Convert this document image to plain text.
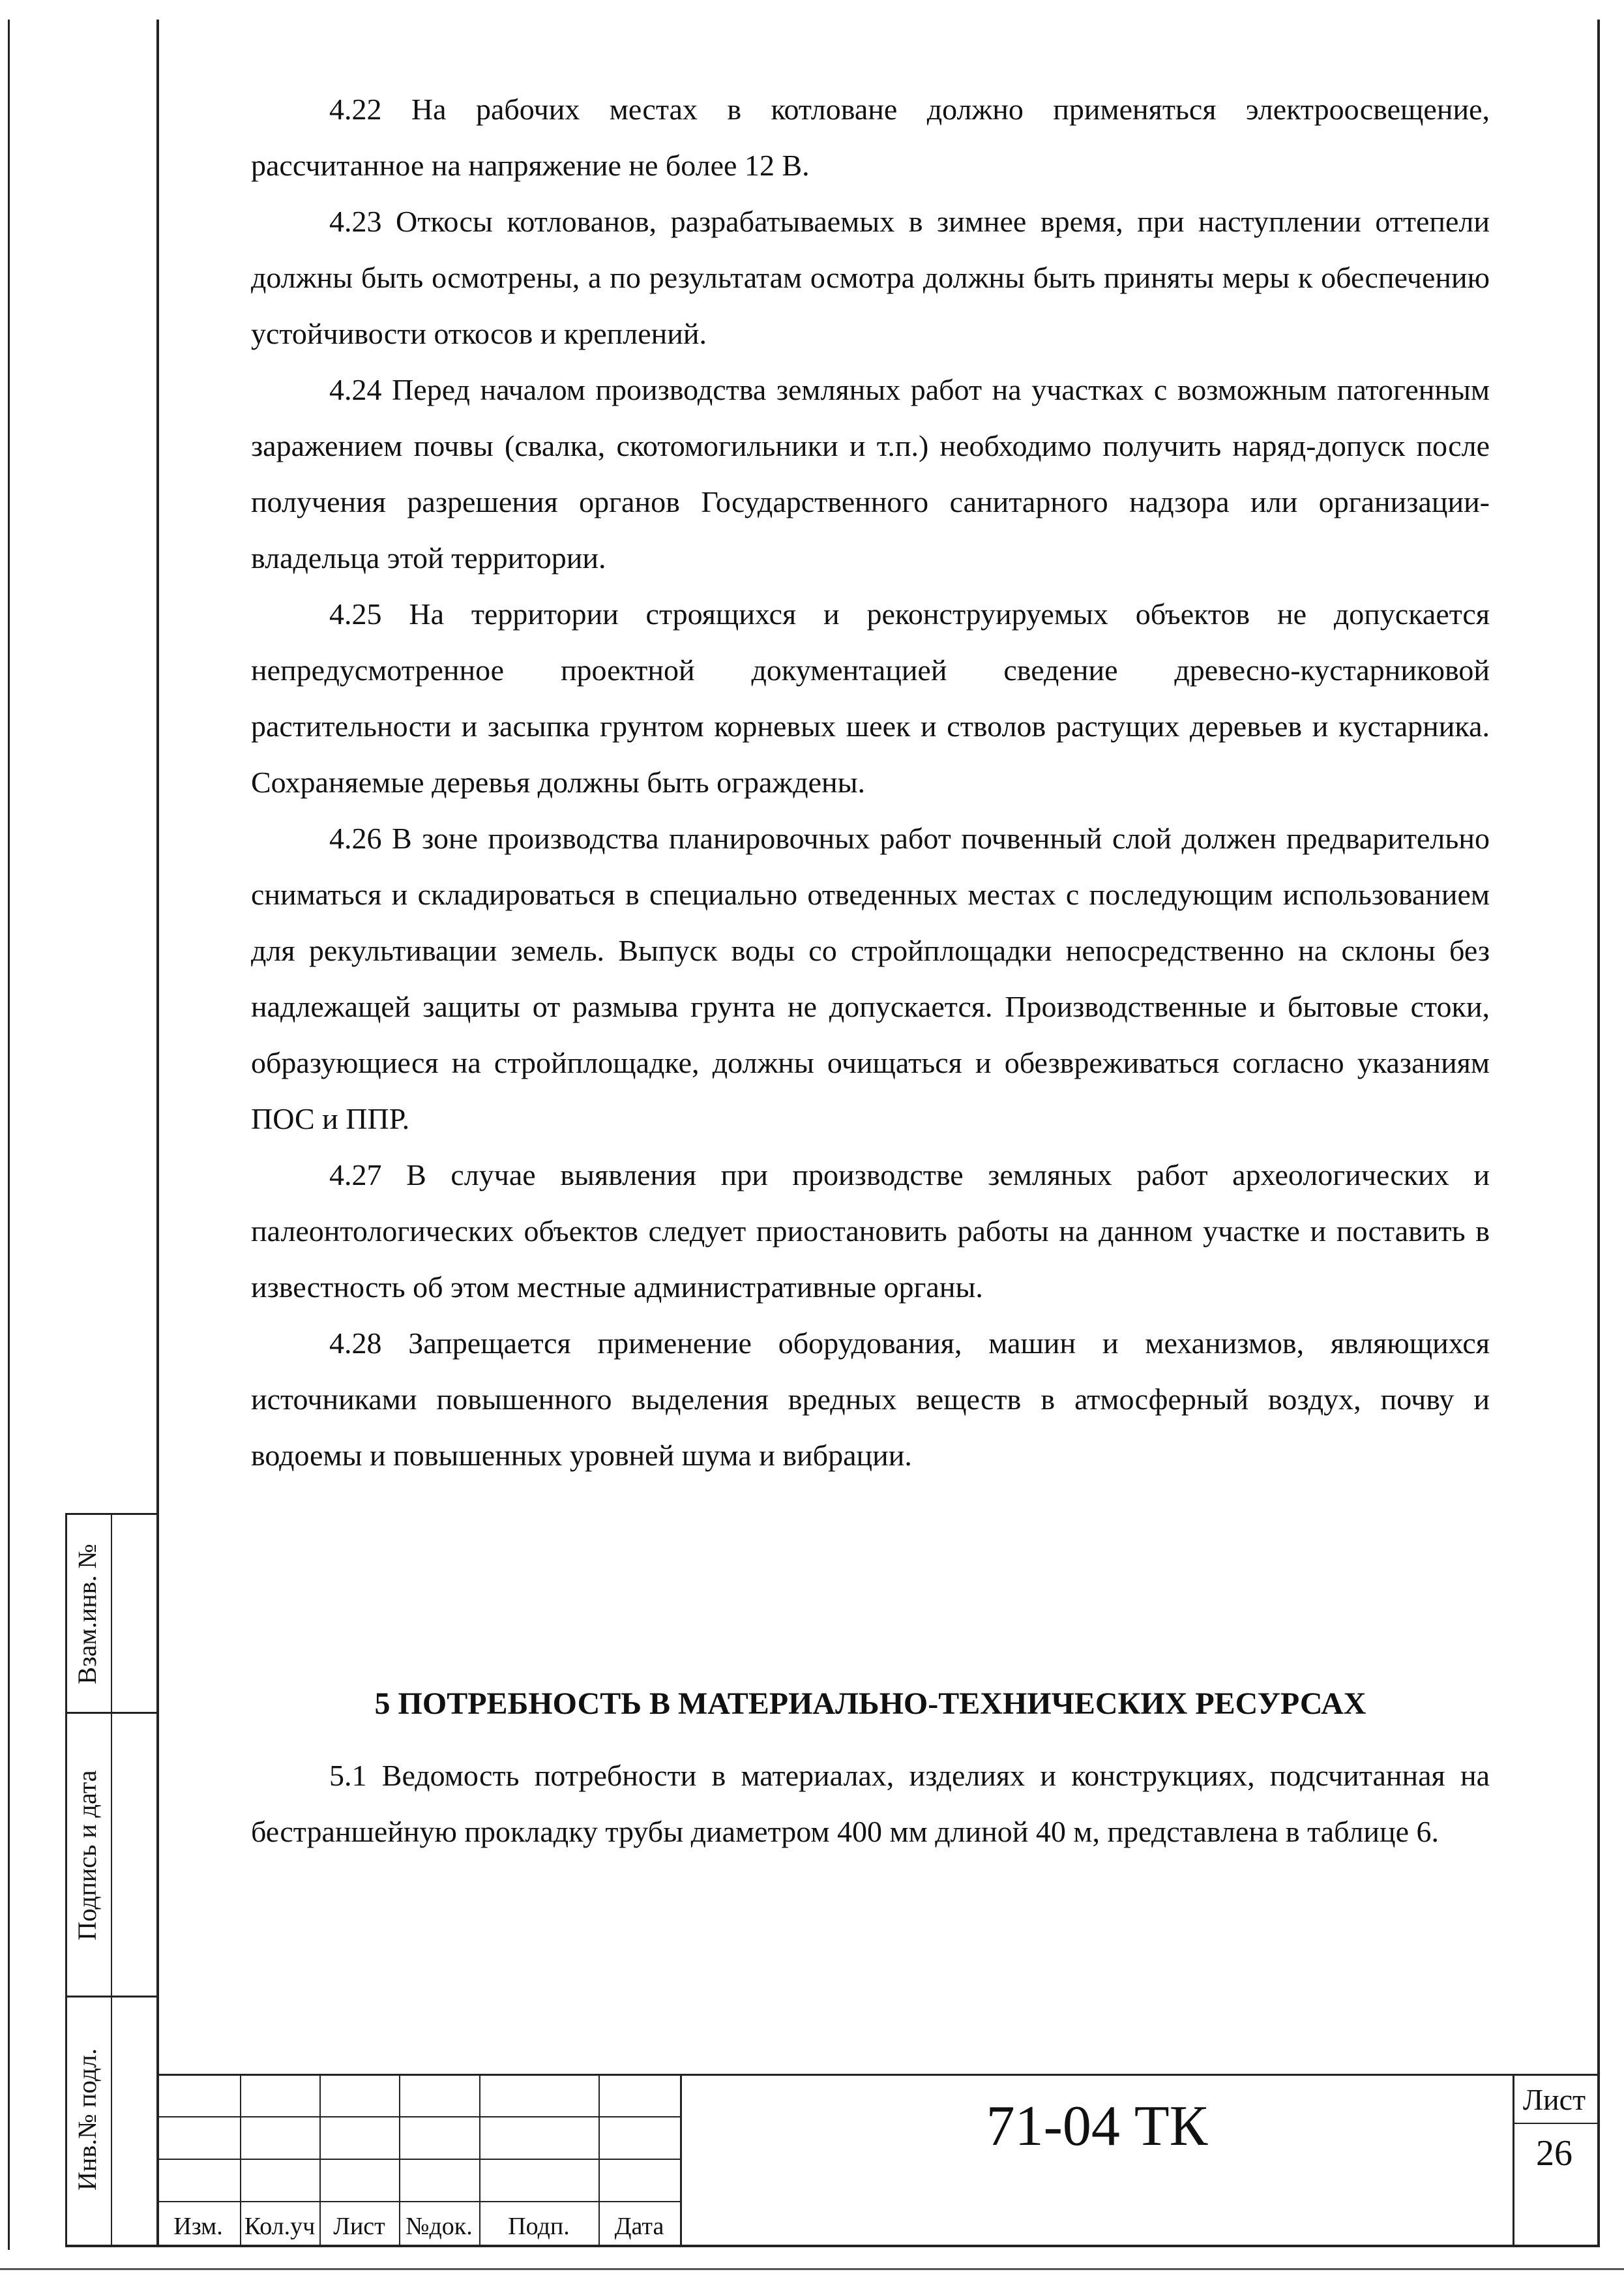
4.22 На рабочих местах в котловане должно применяться электроосвещение, рассчитанное на напряжение не более 12 В.

4.23 Откосы котлованов, разрабатываемых в зимнее время, при наступлении оттепели должны быть осмотрены, а по результатам осмотра должны быть приняты меры к обеспечению устойчивости откосов и креплений.

4.24 Перед началом производства земляных работ на участках с возможным патогенным заражением почвы (свалка, скотомогильники и т.п.) необходимо получить наряд-допуск после получения разрешения органов Государственного санитарного надзора или организации-владельца этой территории.

4.25 На территории строящихся и реконструируемых объектов не допускается непредусмотренное проектной документацией сведение древесно-кустарниковой растительности и засыпка грунтом корневых шеек и стволов растущих деревьев и кустарника. Сохраняемые деревья должны быть ограждены.

4.26 В зоне производства планировочных работ почвенный слой должен предварительно сниматься и складироваться в специально отведенных местах с последующим использованием для рекультивации земель. Выпуск воды со стройплощадки непосредственно на склоны без надлежащей защиты от размыва грунта не допускается. Производственные и бытовые стоки, образующиеся на стройплощадке, должны очищаться и обезвреживаться согласно указаниям ПОС и ППР.

4.27 В случае выявления при производстве земляных работ археологических и палеонтологических объектов следует приостановить работы на данном участке и поставить в известность об этом местные административные органы.

4.28 Запрещается применение оборудования, машин и механизмов, являющихся источниками повышенного выделения вредных веществ в атмосферный воздух, почву и водоемы и повышенных уровней шума и вибрации.

5 ПОТРЕБНОСТЬ В МАТЕРИАЛЬНО-ТЕХНИЧЕСКИХ РЕСУРСАХ

5.1 Ведомость потребности в материалах, изделиях и конструкциях, подсчитанная на бестраншейную прокладку трубы диаметром 400 мм длиной 40 м, представлена в таблице 6.

Взам.инв. №
Подпись и дата
Инв.№ подл.
Изм. Кол.уч Лист №док.	Подп.	Дата
71-04 ТК	Лист
26
